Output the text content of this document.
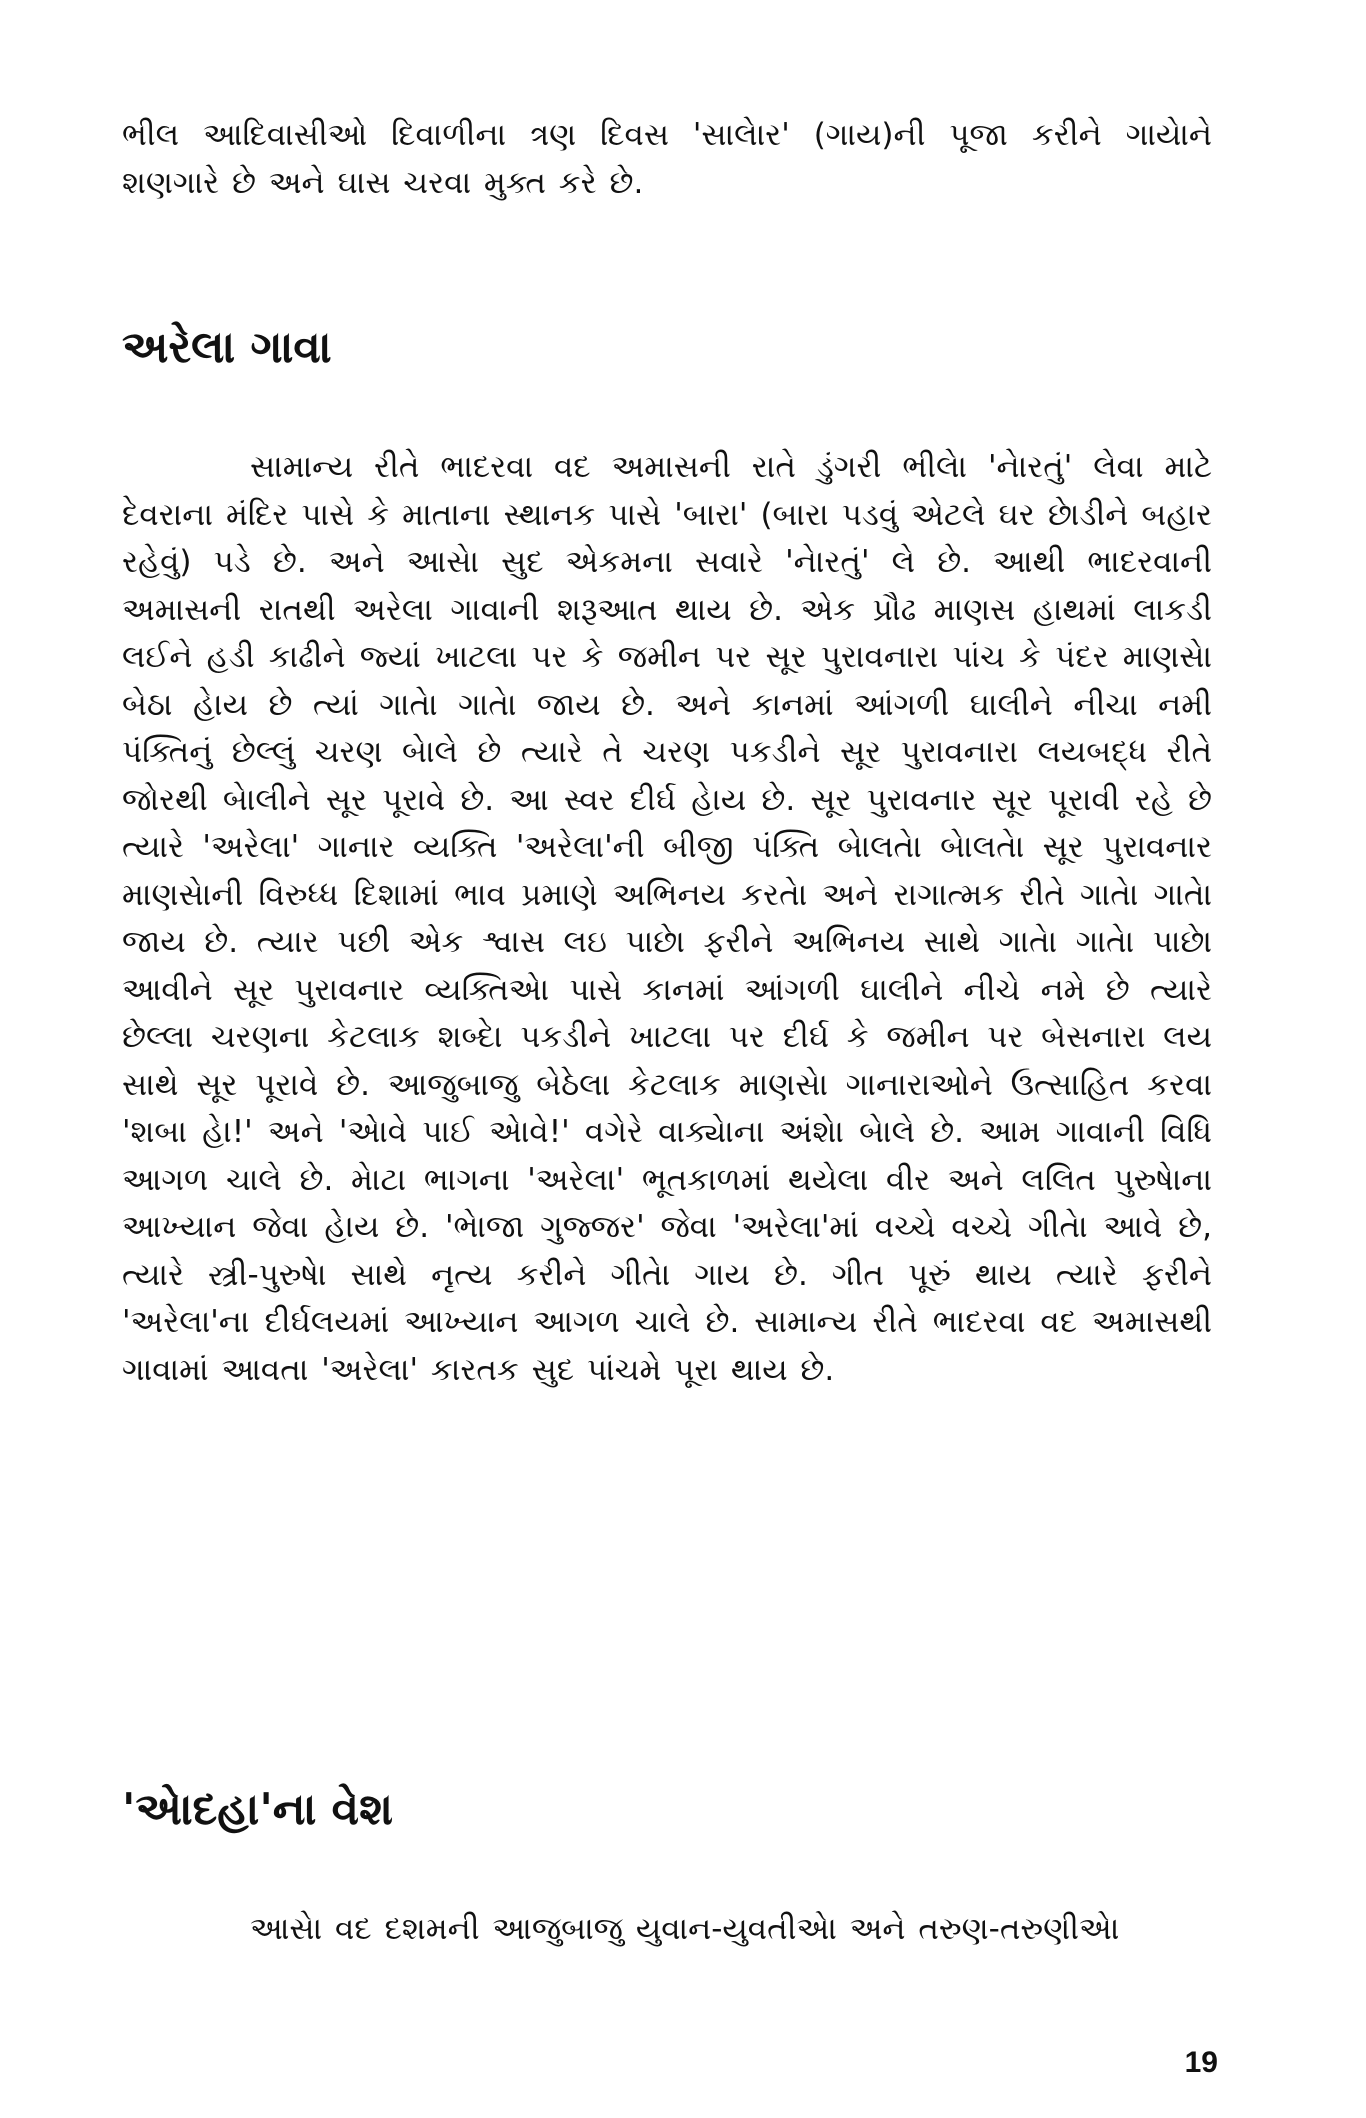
ભીલ આદિવાસીઓ દિવાળીના ત્રણ દિવસ 'સાલેાર' (ગાય)ની પૂજા કરીને ગાયેાને શણગારે છે અને ઘાસ ચરવા મુક્ત કરે છે.

અરેલા ગાવા

સામાન્ય રીતે ભાદરવા વદ અમાસની રાતે ડુંગરી ભીલેા 'નેારતું' લેવા માટે દેવરાના મંદિર પાસે કે માતાના સ્થાનક પાસે 'બારા' (બારા પડવું એટલે ઘર છેાડીને બહાર રહેવું) પડે છે. અને આસેા સુદ એકમના સવારે 'નેારતું' લે છે. આથી ભાદરવાની અમાસની રાતથી અરેલા ગાવાની શરૂઆત થાય છે. એક પ્રૌઢ માણસ હાથમાં લાકડી લઈને હડી કાઢીને જ્યાં ખાટલા પર કે જમીન પર સૂર પુરાવનારા પાંચ કે પંદર માણસેા બેઠા હેાય છે ત્યાં ગાતેા ગાતેા જાય છે. અને કાનમાં આંગળી ઘાલીને નીચા નમી પંક્તિનું છેલ્લું ચરણ બેાલે છે ત્યારે તે ચરણ પકડીને સૂર પુરાવનારા લયબદ્ધ રીતે જોરથી બેાલીને સૂર પૂરાવે છે. આ સ્વર દીર્ઘ હેાય છે. સૂર પુરાવનાર સૂર પૂરાવી રહે છે ત્યારે 'અરેલા' ગાનાર વ્યક્તિ 'અરેલા'ની બીજી પંક્તિ બેાલતેા બેાલતેા સૂર પુરાવનાર માણસેાની વિરુધ્ધ દિશામાં ભાવ પ્રમાણે અભિનય કરતેા અને રાગાત્મક રીતે ગાતેા ગાતેા જાય છે. ત્યાર પછી એક શ્વાસ લઇ પાછેા ફરીને અભિનય સાથે ગાતેા ગાતેા પાછેા આવીને સૂર પુરાવનાર વ્યક્તિએા પાસે કાનમાં આંગળી ઘાલીને નીચે નમે છે ત્યારે છેલ્લા ચરણના કેટલાક શબ્દેા પકડીને ખાટલા પર દીર્ઘ કે જમીન પર બેસનારા લય સાથે સૂર પૂરાવે છે. આજુબાજુ બેઠેલા કેટલાક માણસેા ગાનારાઓને ઉત્સાહિત કરવા 'શબા હેા!' અને 'એાવે પાઈ એાવે!' વગેરે વાક્યેાના અંશેા બેાલે છે. આમ ગાવાની વિધિ આગળ ચાલે છે. મેાટા ભાગના 'અરેલા' ભૂતકાળમાં થયેલા વીર અને લલિત પુરુષેાના આખ્યાન જેવા હેાય છે. 'ભેાજા ગુજ્જર' જેવા 'અરેલા'માં વચ્ચે વચ્ચે ગીતેા આવે છે, ત્યારે સ્ત્રી-પુરુષેા સાથે નૃત્ય કરીને ગીતેા ગાય છે. ગીત પૂરું થાય ત્યારે ફરીને 'અરેલા'ના દીર્ઘલયમાં આખ્યાન આગળ ચાલે છે. સામાન્ય રીતે ભાદરવા વદ અમાસથી ગાવામાં આવતા 'અરેલા' કારતક સુદ પાંચમે પૂરા થાય છે.

'એાદહા'ના વેશ

આસેા વદ દશમની આજુબાજુ યુવાન-યુવતીએા અને તરુણ-તરુણીએા

19
